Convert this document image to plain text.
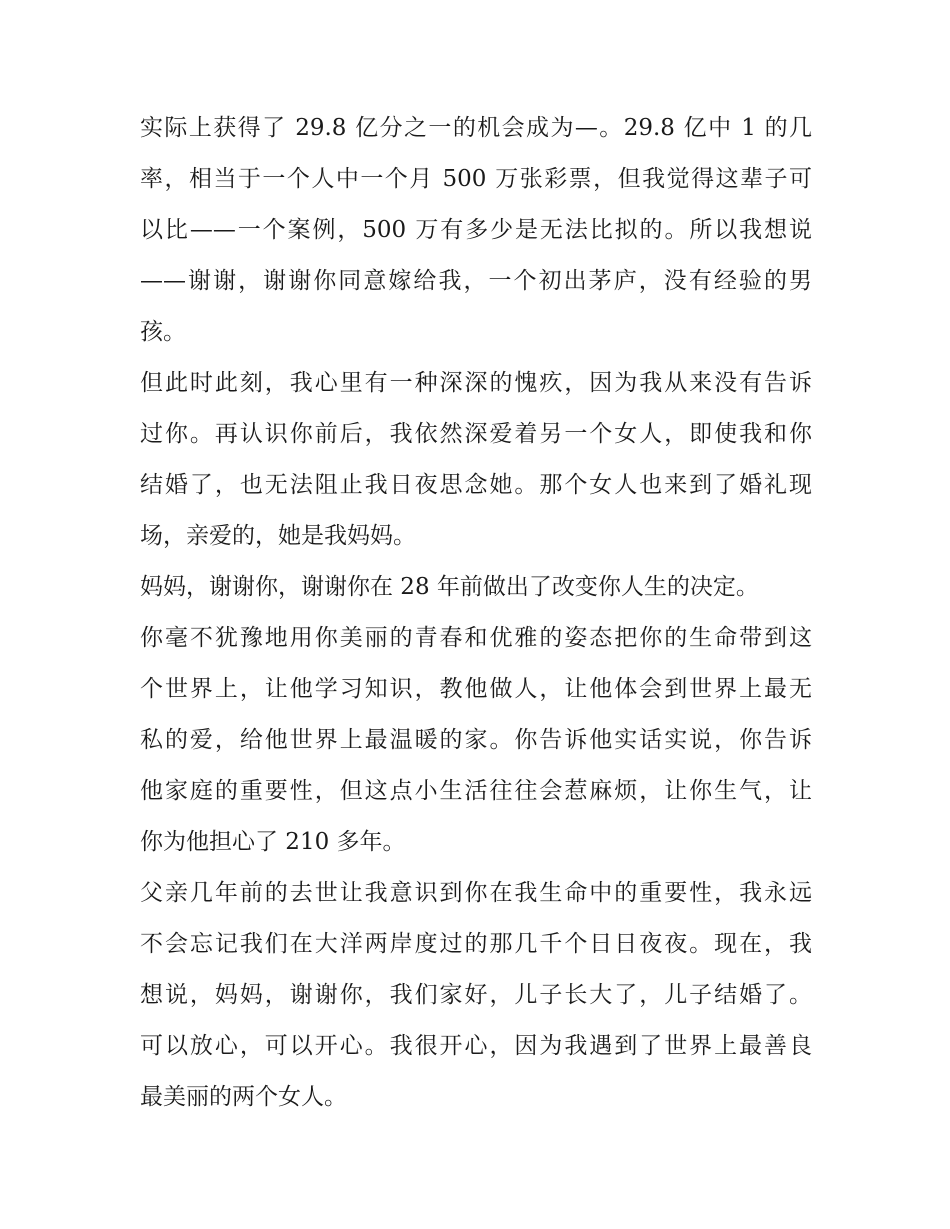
实际上获得了 29.8 亿分之一的机会成为—。29.8 亿中 1 的几
率，相当于一个人中一个月 500 万张彩票，但我觉得这辈子可
以比——一个案例，500 万有多少是无法比拟的。所以我想说
——谢谢，谢谢你同意嫁给我，一个初出茅庐，没有经验的男
孩。
但此时此刻，我心里有一种深深的愧疚，因为我从来没有告诉
过你。再认识你前后，我依然深爱着另一个女人，即使我和你
结婚了，也无法阻止我日夜思念她。那个女人也来到了婚礼现
场，亲爱的，她是我妈妈。
妈妈，谢谢你，谢谢你在 28 年前做出了改变你人生的决定。
你毫不犹豫地用你美丽的青春和优雅的姿态把你的生命带到这
个世界上，让他学习知识，教他做人，让他体会到世界上最无
私的爱，给他世界上最温暖的家。你告诉他实话实说，你告诉
他家庭的重要性，但这点小生活往往会惹麻烦，让你生气，让
你为他担心了 210 多年。
父亲几年前的去世让我意识到你在我生命中的重要性，我永远
不会忘记我们在大洋两岸度过的那几千个日日夜夜。现在，我
想说，妈妈，谢谢你，我们家好，儿子长大了，儿子结婚了。
可以放心，可以开心。我很开心，因为我遇到了世界上最善良
最美丽的两个女人。
